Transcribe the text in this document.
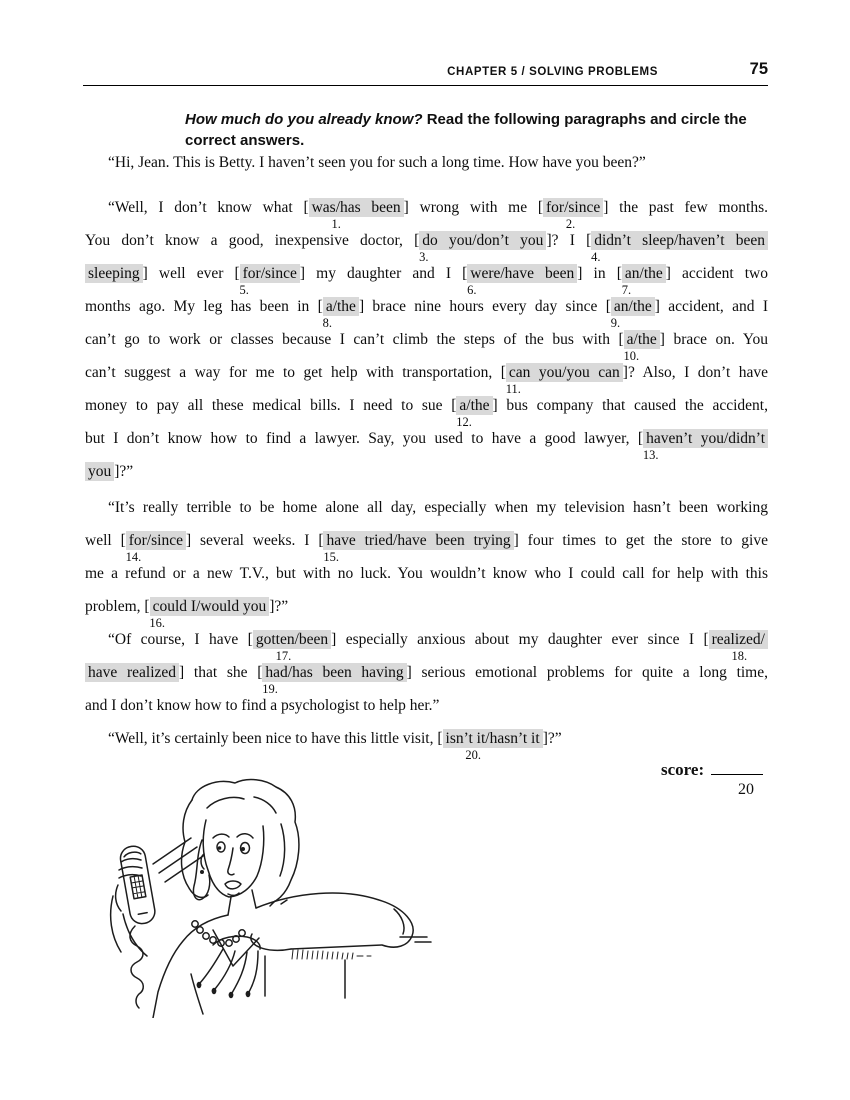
CHAPTER 5 / SOLVING PROBLEMS	75
How much do you already know? Read the following paragraphs and circle the
correct answers.
“Hi, Jean. This is Betty. I haven’t seen you for such a long time. How have you been?”
“Well, I don’t know what [ was/has been ]
1.
wrong with me [ for/since ]
2.
the past few months.
You don’t know a good, inexpensive doctor, [ do you/don’t you ]
3.
? I [ didn’t sleep/haven’t been
4.
sleeping ] well ever [ for/since ]
5.
my daughter and I [ were/have been ]
6.
in [ an/the ]
7.
accident two
months ago. My leg has been in [ a/the ]
8.
brace nine hours every day since [ an/the ]
9.
accident, and I
can’t go to work or classes because I can’t climb the steps of the bus with [ a/the ]
10.
brace on. You
can’t suggest a way for me to get help with transportation, [ can you/you can ]
11.
? Also, I don’t have
money to pay all these medical bills. I need to sue [ a/the ]
12.
bus company that caused the accident,
but I don’t know how to find a lawyer. Say, you used to have a good lawyer, [ haven’t you/didn’t
13.
you ]?”
“It’s really terrible to be home alone all day, especially when my television hasn’t been working
well [ for/since ]
14.
several weeks. I [ have tried/have been trying ]
15.
four times to get the store to give
me a refund or a new T.V., but with no luck. You wouldn’t know who I could call for help with this
problem, [ could I/would you ]
16.
?”
“Of course, I have [ gotten/been ]
17.
especially anxious about my daughter ever since I [ realized/
18.
have realized ] that she [ had/has been having ]
19.
serious emotional problems for quite a long time,
and I don’t know how to find a psychologist to help her.”
“Well, it’s certainly been nice to have this little visit, [ isn’t it/hasn’t it ]
20.
?”
score:
20
